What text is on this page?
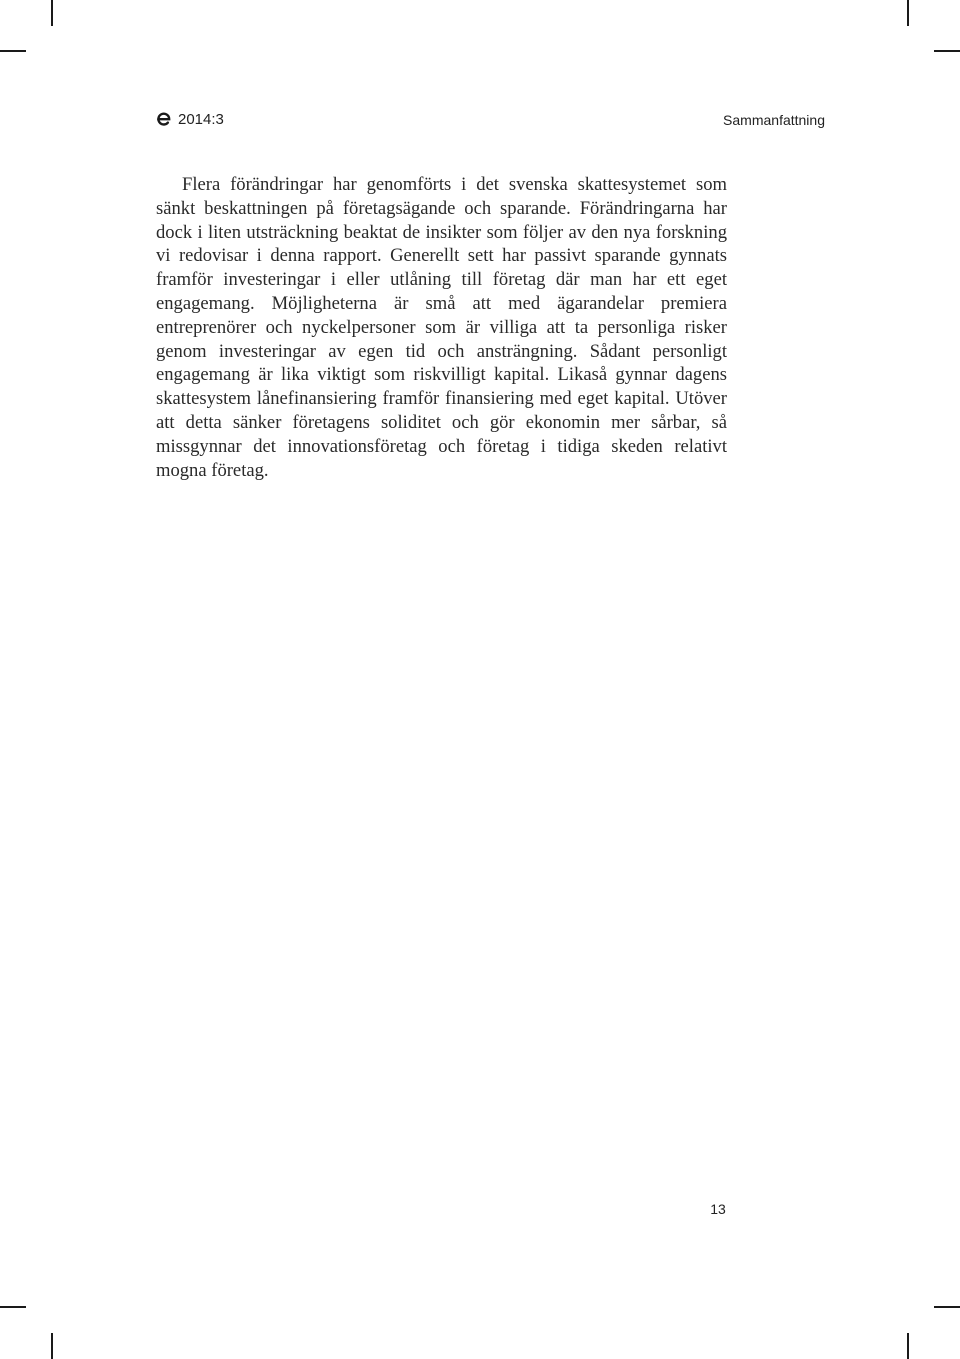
2014:3	Sammanfattning

Flera förändringar har genomförts i det svenska skattesystemet som sänkt beskattningen på företagsägande och sparande. Förändringarna har dock i liten utsträckning beaktat de insikter som följer av den nya forskning vi redovisar i denna rapport. Generellt sett har passivt sparande gynnats framför investeringar i eller utlåning till företag där man har ett eget engagemang. Möjligheterna är små att med ägarandelar premiera entreprenörer och nyckelpersoner som är villiga att ta personliga risker genom investeringar av egen tid och ansträngning. Sådant personligt engagemang är lika viktigt som riskvilligt kapital. Likaså gynnar dagens skattesystem lånefinansiering framför finansiering med eget kapital. Utöver att detta sänker företagens soliditet och gör ekonomin mer sårbar, så missgynnar det innovationsföretag och företag i tidiga skeden relativt mogna företag.

13
